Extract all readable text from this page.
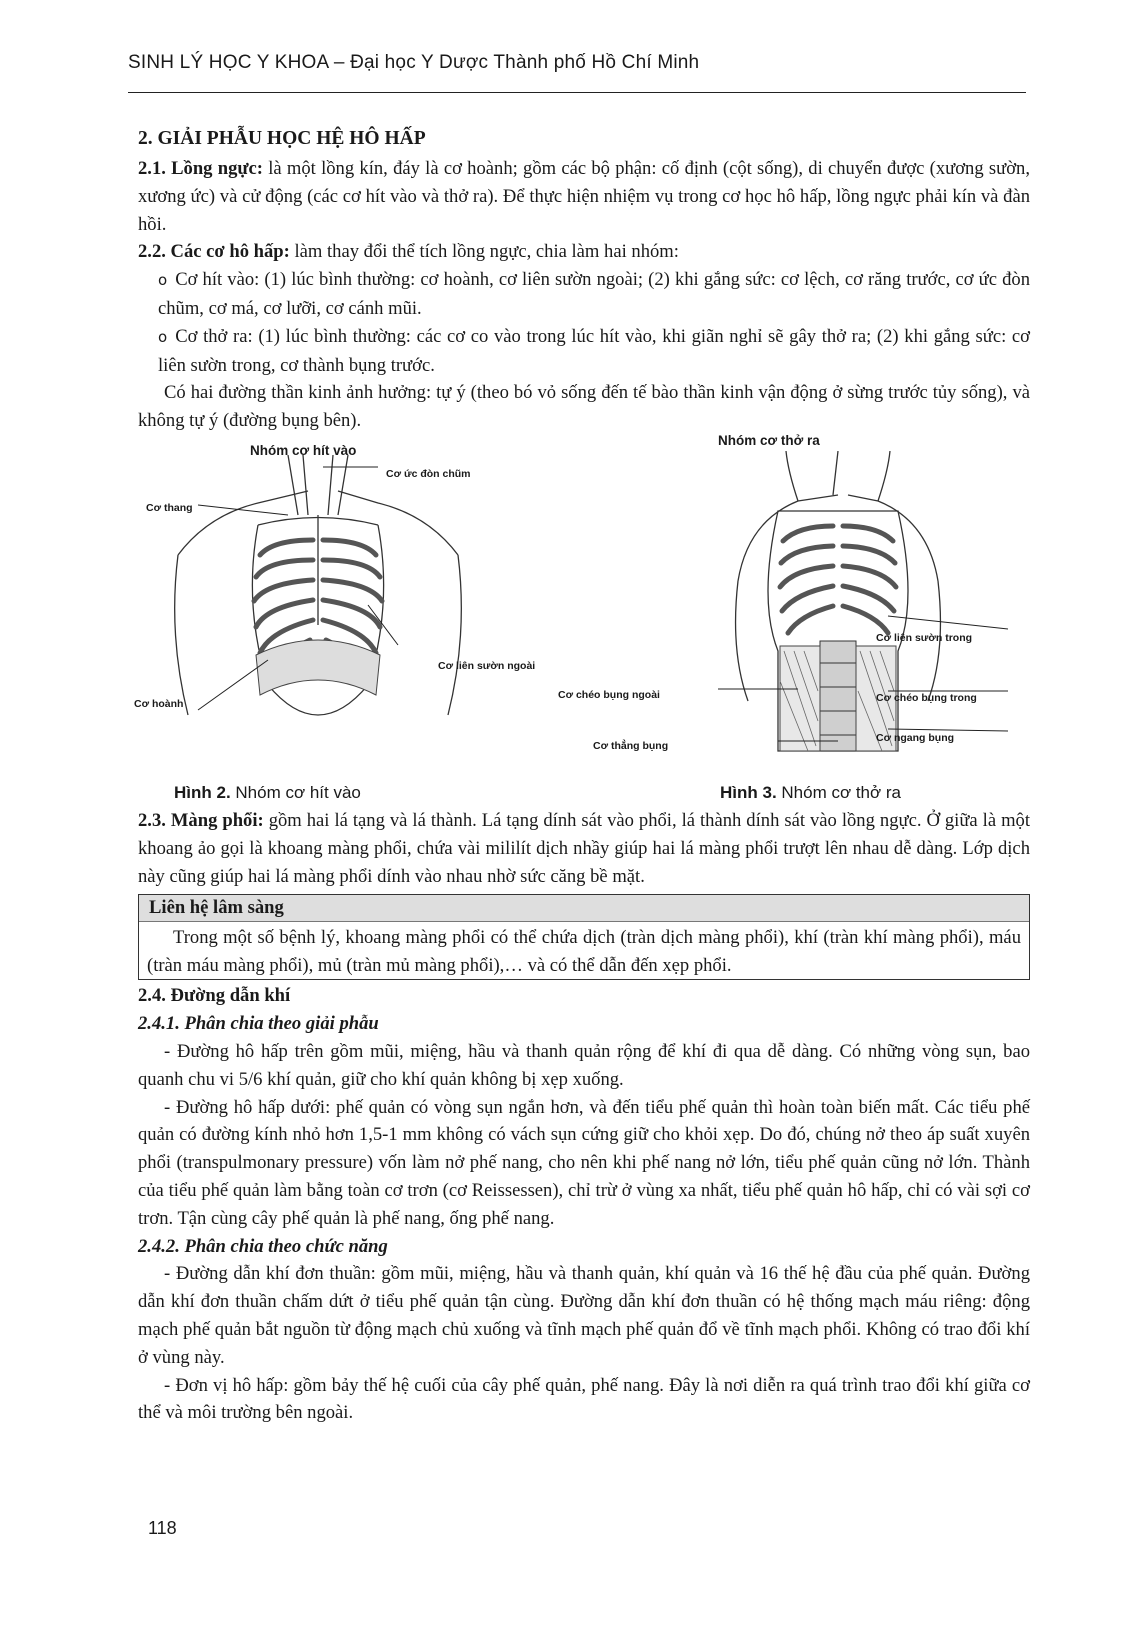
SINH LÝ HỌC Y KHOA – Đại học Y Dược Thành phố Hồ Chí Minh
2. GIẢI PHẪU HỌC HỆ HÔ HẤP

2.1. Lồng ngực: là một lồng kín, đáy là cơ hoành; gồm các bộ phận: cố định (cột sống), di chuyển được (xương sườn, xương ức) và cử động (các cơ hít vào và thở ra). Để thực hiện nhiệm vụ trong cơ học hô hấp, lồng ngực phải kín và đàn hồi.

2.2. Các cơ hô hấp: làm thay đổi thể tích lồng ngực, chia làm hai nhóm:

o Cơ hít vào: (1) lúc bình thường: cơ hoành, cơ liên sườn ngoài; (2) khi gắng sức: cơ lệch, cơ răng trước, cơ ức đòn chũm, cơ má, cơ lưỡi, cơ cánh mũi.

o Cơ thở ra: (1) lúc bình thường: các cơ co vào trong lúc hít vào, khi giãn nghỉ sẽ gây thở ra; (2) khi gắng sức: cơ liên sườn trong, cơ thành bụng trước.

Có hai đường thần kinh ảnh hưởng: tự ý (theo bó vỏ sống đến tế bào thần kinh vận động ở sừng trước tủy sống), và không tự ý (đường bụng bên).

Nhóm cơ hít vào
Cơ thang
Cơ ức đòn chũm
Cơ liên sườn ngoài
Cơ hoành
Hình 2. Nhóm cơ hít vào
Nhóm cơ thở ra
Cơ liên sườn trong
Cơ chéo bụng ngoài	Cơ chéo bụng trong
Cơ thẳng bụng
Cơ ngang bụng
Hình 3. Nhóm cơ thở ra

2.3. Màng phổi: gồm hai lá tạng và lá thành. Lá tạng dính sát vào phổi, lá thành dính sát vào lồng ngực. Ở giữa là một khoang ảo gọi là khoang màng phổi, chứa vài mililít dịch nhầy giúp hai lá màng phổi trượt lên nhau dễ dàng. Lớp dịch này cũng giúp hai lá màng phổi dính vào nhau nhờ sức căng bề mặt.

Liên hệ lâm sàng
Trong một số bệnh lý, khoang màng phổi có thể chứa dịch (tràn dịch màng phổi), khí (tràn khí màng phổi), máu (tràn máu màng phổi), mủ (tràn mủ màng phổi),… và có thể dẫn đến xẹp phổi.

2.4. Đường dẫn khí

2.4.1. Phân chia theo giải phẫu

- Đường hô hấp trên gồm mũi, miệng, hầu và thanh quản rộng để khí đi qua dễ dàng. Có những vòng sụn, bao quanh chu vi 5/6 khí quản, giữ cho khí quản không bị xẹp xuống.

- Đường hô hấp dưới: phế quản có vòng sụn ngắn hơn, và đến tiểu phế quản thì hoàn toàn biến mất. Các tiểu phế quản có đường kính nhỏ hơn 1,5-1 mm không có vách sụn cứng giữ cho khỏi xẹp. Do đó, chúng nở theo áp suất xuyên phổi (transpulmonary pressure) vốn làm nở phế nang, cho nên khi phế nang nở lớn, tiểu phế quản cũng nở lớn. Thành của tiểu phế quản làm bằng toàn cơ trơn (cơ Reissessen), chỉ trừ ở vùng xa nhất, tiểu phế quản hô hấp, chỉ có vài sợi cơ trơn. Tận cùng cây phế quản là phế nang, ống phế nang.

2.4.2. Phân chia theo chức năng

- Đường dẫn khí đơn thuần: gồm mũi, miệng, hầu và thanh quản, khí quản và 16 thế hệ đầu của phế quản. Đường dẫn khí đơn thuần chấm dứt ở tiểu phế quản tận cùng. Đường dẫn khí đơn thuần có hệ thống mạch máu riêng: động mạch phế quản bắt nguồn từ động mạch chủ xuống và tĩnh mạch phế quản đổ về tĩnh mạch phổi. Không có trao đổi khí ở vùng này.

- Đơn vị hô hấp: gồm bảy thế hệ cuối của cây phế quản, phế nang. Đây là nơi diễn ra quá trình trao đổi khí giữa cơ thể và môi trường bên ngoài.

118
